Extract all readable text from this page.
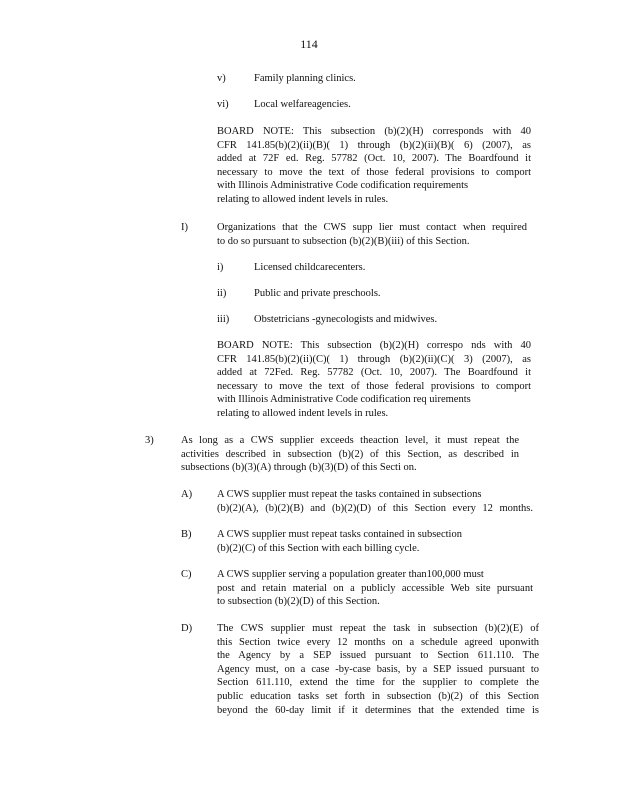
114
v)	Family planning clinics.
vi) Local welfareagencies.
BOARD NOTE: This subsection (b)(2)(H) corresponds with 40
CFR 141.85(b)(2)(ii)(B)( 1) through (b)(2)(ii)(B)( 6) (2007), as
added at 72F ed. Reg. 57782 (Oct. 10, 2007). The Boardfound it
necessary to move the text of those federal provisions to comport
with Illinois Administrative Code codification requirements
relating to allowed indent levels in rules.
I)	Organizations that the CWS supp lier must contact when required
to do so pursuant to subsection (b)(2)(B)(iii) of this Section.
i)	Licensed childcarecenters.
ii)	Public and private preschools.
iii) Obstetricians -gynecologists and midwives.
BOARD NOTE: This subsection (b)(2)(H) correspo nds with 40
CFR 141.85(b)(2)(ii)(C)( 1) through (b)(2)(ii)(C)( 3) (2007), as
added at 72Fed. Reg. 57782 (Oct. 10, 2007). The Boardfound it
necessary to move the text of those federal provisions to comport
with Illinois Administrative Code codification req uirements
relating to allowed indent levels in rules.
3)	As long as a CWS supplier exceeds theaction level, it must repeat the
activities described in subsection (b)(2) of this Section, as described in
subsections (b)(3)(A) through (b)(3)(D) of this Secti on.
A) A CWS supplier must repeat the tasks contained in subsections
(b)(2)(A), (b)(2)(B) and (b)(2)(D) of this Section every 12 months.
B) A CWS supplier must repeat tasks contained in subsection
(b)(2)(C) of this Section with each billing cycle.
C) A CWS supplier serving a population greater than100,000 must
post and retain material on a publicly accessible Web site pursuant
to subsection (b)(2)(D) of this Section.
D) The CWS supplier must repeat the task in subsection (b)(2)(E) of
this Section twice every 12 months on a schedule agreed uponwith
the Agency by a SEP issued pursuant to Section 611.110. The
Agency must, on a case -by-case basis, by a SEP issued pursuant to
Section 611.110, extend the time for the supplier to complete the
public education tasks set forth in subsection (b)(2) of this Section
beyond the 60-day limit if it determines that the extended time is
